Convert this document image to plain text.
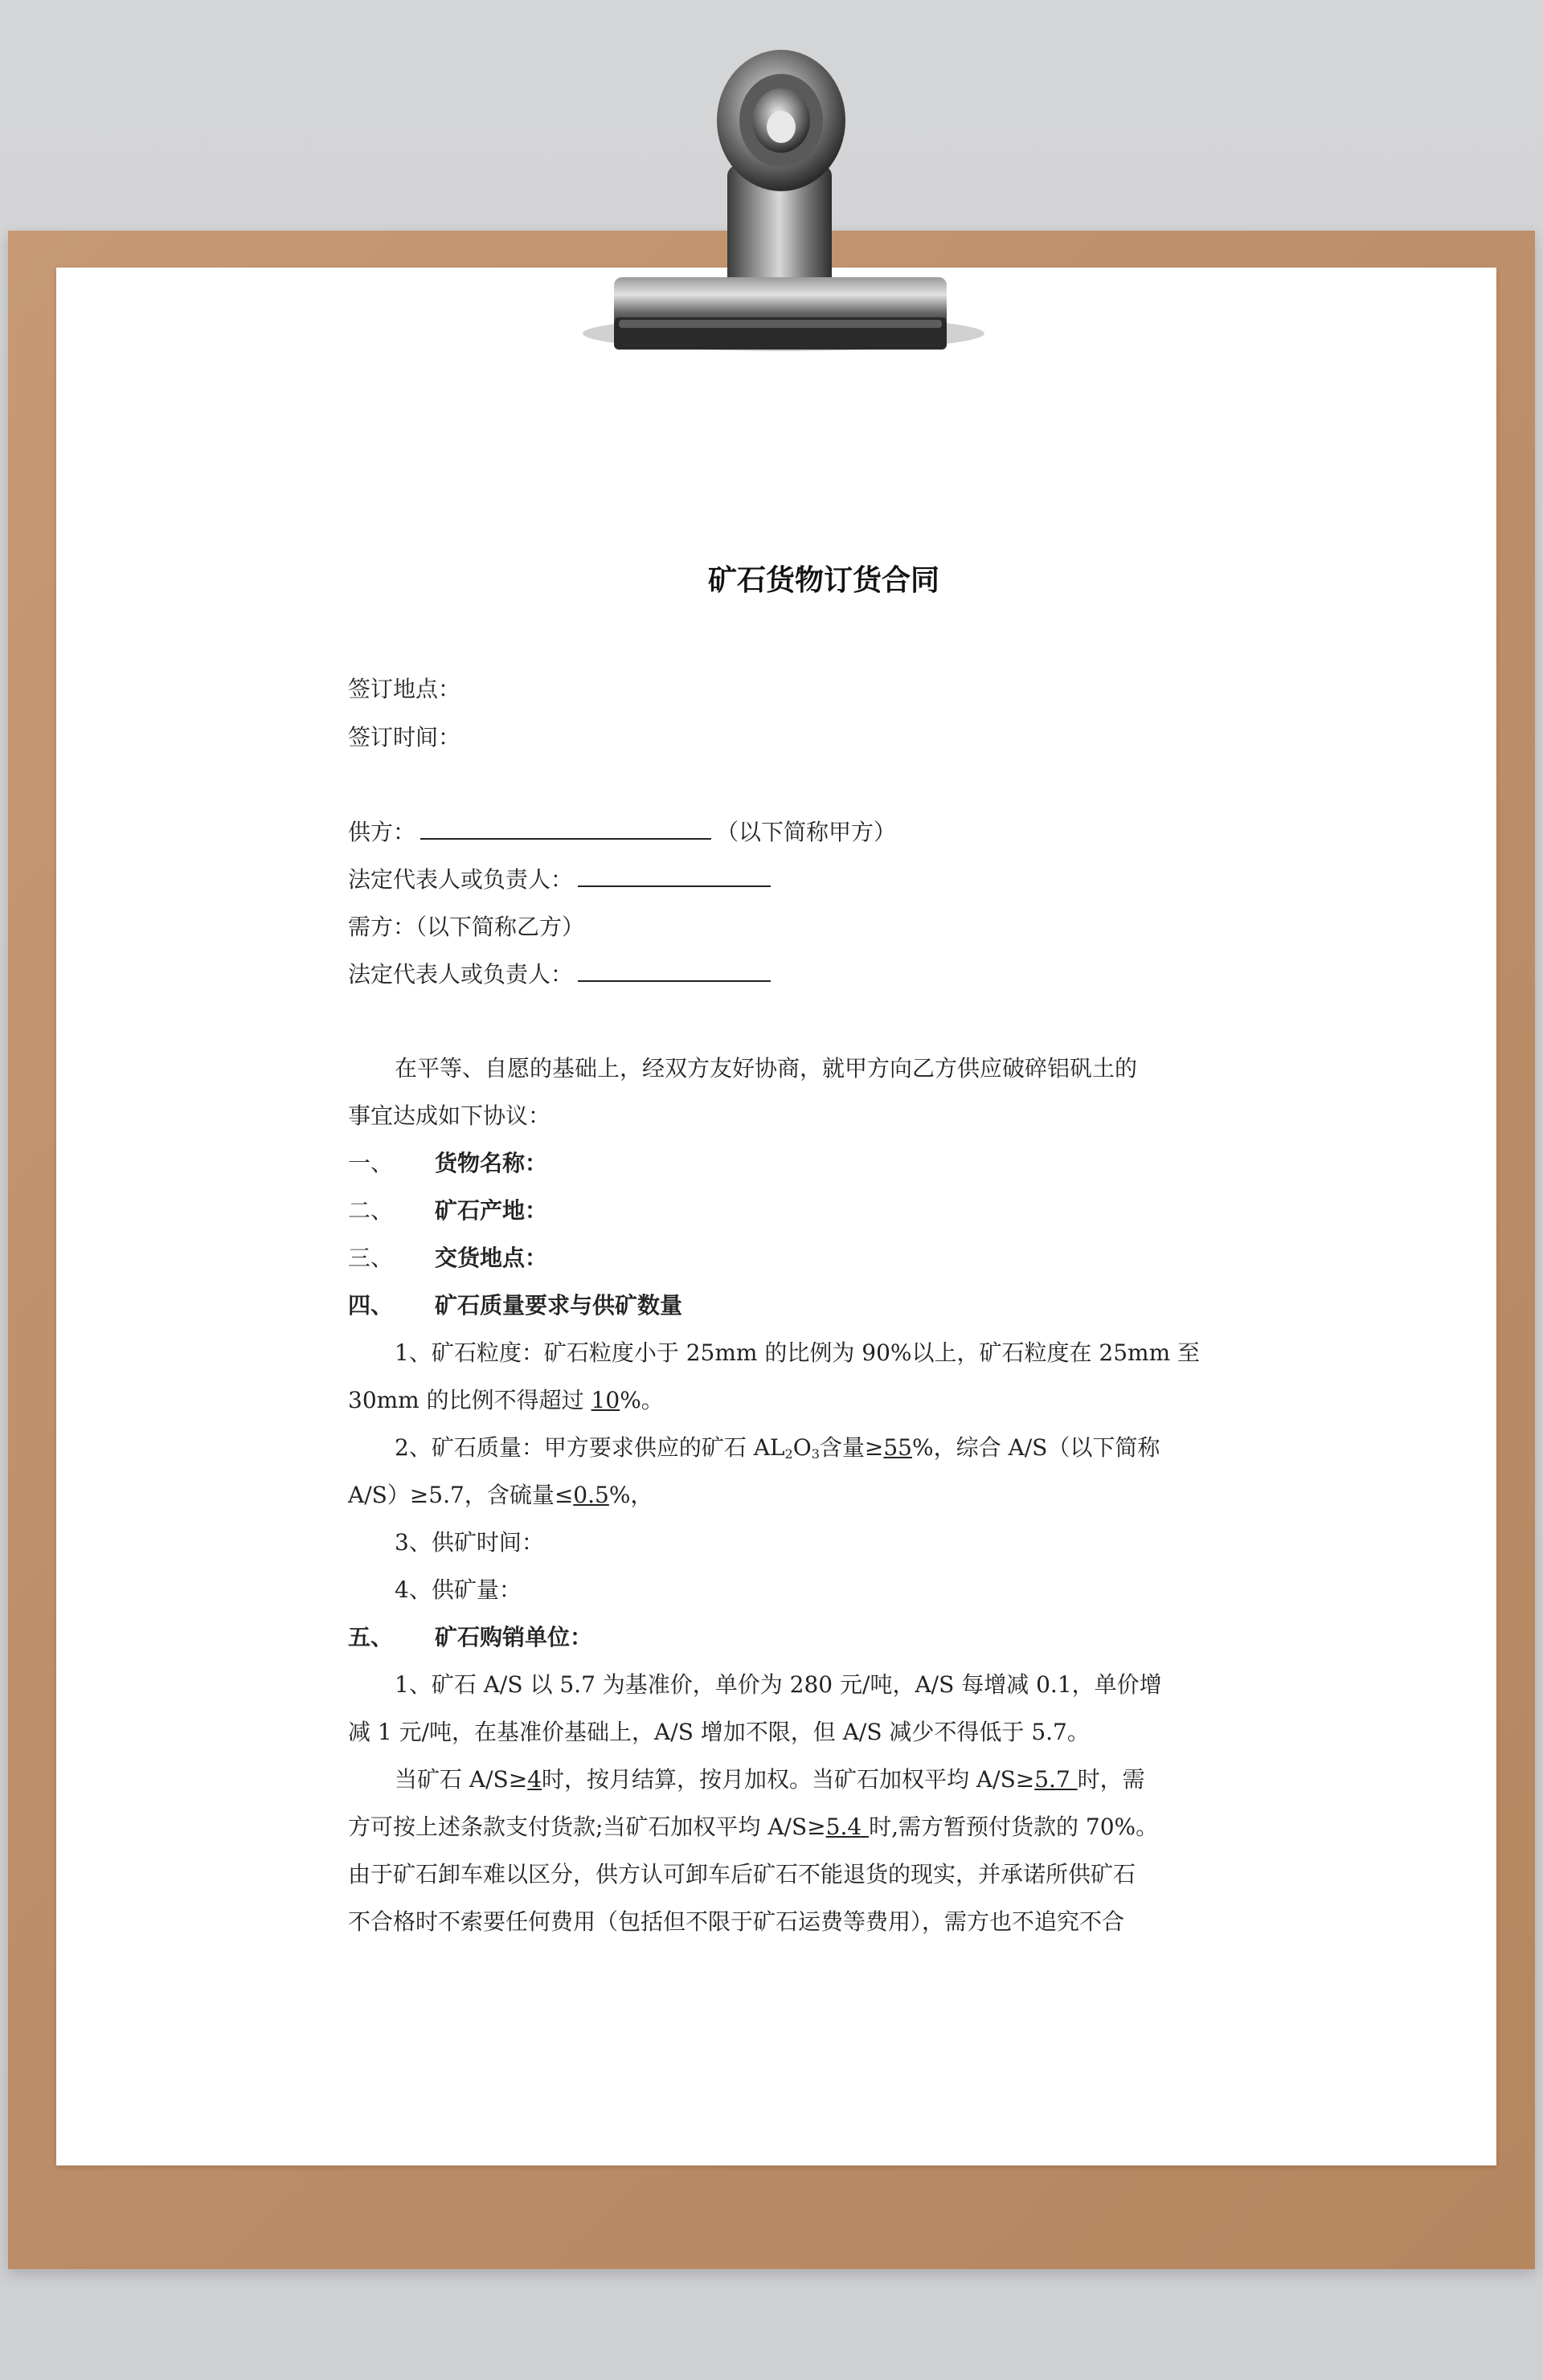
矿石货物订货合同
签订地点：
签订时间：
供方：	（以下简称甲方）
法定代表人或负责人：
需方：（以下简称乙方）
法定代表人或负责人：
在平等、自愿的基础上，经双方友好协商，就甲方向乙方供应破碎铝矾土的
事宜达成如下协议：
一、 货物名称：
二、 矿石产地：
三、 交货地点：
四、 矿石质量要求与供矿数量
1、矿石粒度：矿石粒度小于 25mm 的比例为 90%以上，矿石粒度在 25mm 至
30mm 的比例不得超过 10%。
2、矿石质量：甲方要求供应的矿石 $AL_2O_3$含量≥55%，综合 A/S（以下简称
A/S）≥5.7，含硫量≤0.5%，
3、供矿时间：
4、供矿量：
五、 矿石购销单位：
1、矿石 A/S 以 5.7 为基准价，单价为 280 元/吨，A/S 每增减 0.1，单价增
减 1 元/吨，在基准价基础上，A/S 增加不限，但 A/S 减少不得低于 5.7。
当矿石 A/S≥4时，按月结算，按月加权。当矿石加权平均 A/S≥5.7 时，需
方可按上述条款支付货款;当矿石加权平均 A/S≥5.4 时,需方暂预付货款的 70%。
由于矿石卸车难以区分，供方认可卸车后矿石不能退货的现实，并承诺所供矿石
不合格时不索要任何费用（包括但不限于矿石运费等费用），需方也不追究不合
